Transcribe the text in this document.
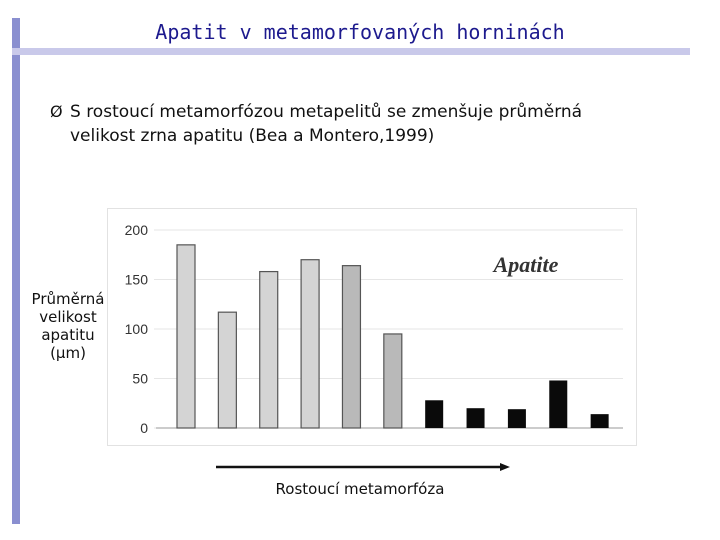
Apatit v metamorfovaných horninách
Ø S rostoucí metamorfózou metapelitů se zmenšuje průměrná velikost zrna apatitu (Bea a Montero,1999)
0
50
100
150
200
Apatite
Průměrná
velikost
apatitu
(μm)
Rostoucí metamorfóza
